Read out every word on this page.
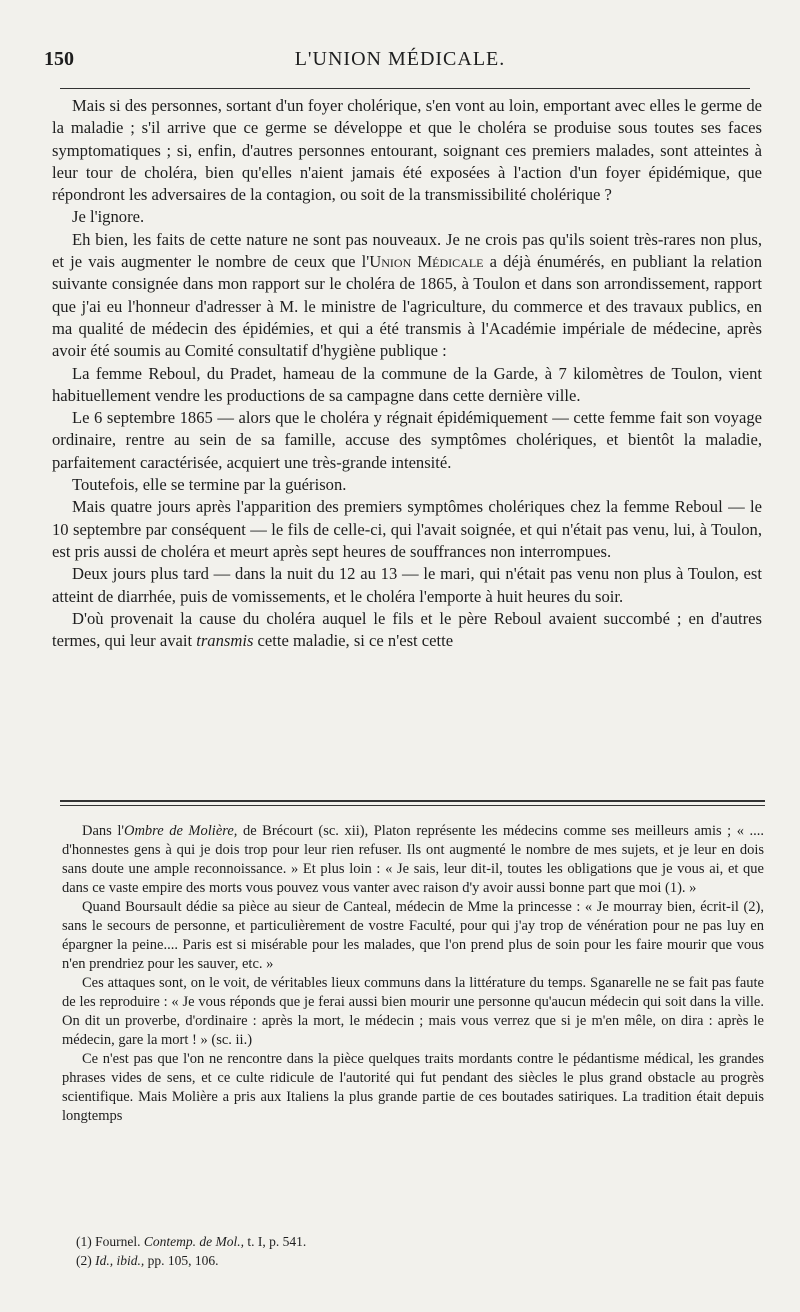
150	L'UNION MÉDICALE.

Mais si des personnes, sortant d'un foyer cholérique, s'en vont au loin, emportant avec elles le germe de la maladie ; s'il arrive que ce germe se développe et que le choléra se produise sous toutes ses faces symptomatiques ; si, enfin, d'autres personnes entourant, soignant ces premiers malades, sont atteintes à leur tour de choléra, bien qu'elles n'aient jamais été exposées à l'action d'un foyer épidémique, que répondront les adversaires de la contagion, ou soit de la transmissibilité cholérique ?

Je l'ignore.

Eh bien, les faits de cette nature ne sont pas nouveaux. Je ne crois pas qu'ils soient très-rares non plus, et je vais augmenter le nombre de ceux que l'Union Médicale a déjà énumérés, en publiant la relation suivante consignée dans mon rapport sur le choléra de 1865, à Toulon et dans son arrondissement, rapport que j'ai eu l'honneur d'adresser à M. le ministre de l'agriculture, du commerce et des travaux publics, en ma qualité de médecin des épidémies, et qui a été transmis à l'Académie impériale de médecine, après avoir été soumis au Comité consultatif d'hygiène publique :

La femme Reboul, du Pradet, hameau de la commune de la Garde, à 7 kilomètres de Toulon, vient habituellement vendre les productions de sa campagne dans cette dernière ville.

Le 6 septembre 1865 — alors que le choléra y régnait épidémiquement — cette femme fait son voyage ordinaire, rentre au sein de sa famille, accuse des symptômes cholériques, et bientôt la maladie, parfaitement caractérisée, acquiert une très-grande intensité.

Toutefois, elle se termine par la guérison.

Mais quatre jours après l'apparition des premiers symptômes cholériques chez la femme Reboul — le 10 septembre par conséquent — le fils de celle-ci, qui l'avait soignée, et qui n'était pas venu, lui, à Toulon, est pris aussi de choléra et meurt après sept heures de souffrances non interrompues.

Deux jours plus tard — dans la nuit du 12 au 13 — le mari, qui n'était pas venu non plus à Toulon, est atteint de diarrhée, puis de vomissements, et le choléra l'emporte à huit heures du soir.

D'où provenait la cause du choléra auquel le fils et le père Reboul avaient succombé ; en d'autres termes, qui leur avait transmis cette maladie, si ce n'est cette

Dans l'Ombre de Molière, de Brécourt (sc. xii), Platon représente les médecins comme ses meilleurs amis ; « .... d'honnestes gens à qui je dois trop pour leur rien refuser. Ils ont augmenté le nombre de mes sujets, et je leur en dois sans doute une ample reconnoissance. » Et plus loin : « Je sais, leur dit-il, toutes les obligations que je vous ai, et que dans ce vaste empire des morts vous pouvez vous vanter avec raison d'y avoir aussi bonne part que moi (1). »

Quand Boursault dédie sa pièce au sieur de Canteal, médecin de Mme la princesse : « Je mourray bien, écrit-il (2), sans le secours de personne, et particulièrement de vostre Faculté, pour qui j'ay trop de vénération pour ne pas luy en épargner la peine.... Paris est si misérable pour les malades, que l'on prend plus de soin pour les faire mourir que vous n'en prendriez pour les sauver, etc. »

Ces attaques sont, on le voit, de véritables lieux communs dans la littérature du temps. Sganarelle ne se fait pas faute de les reproduire : « Je vous réponds que je ferai aussi bien mourir une personne qu'aucun médecin qui soit dans la ville. On dit un proverbe, d'ordinaire : après la mort, le médecin ; mais vous verrez que si je m'en mêle, on dira : après le médecin, gare la mort ! » (sc. ii.)

Ce n'est pas que l'on ne rencontre dans la pièce quelques traits mordants contre le pédantisme médical, les grandes phrases vides de sens, et ce culte ridicule de l'autorité qui fut pendant des siècles le plus grand obstacle au progrès scientifique. Mais Molière a pris aux Italiens la plus grande partie de ces boutades satiriques. La tradition était depuis longtemps

(1) Fournel. Contemp. de Mol., t. I, p. 541.

(2) Id., ibid., pp. 105, 106.
